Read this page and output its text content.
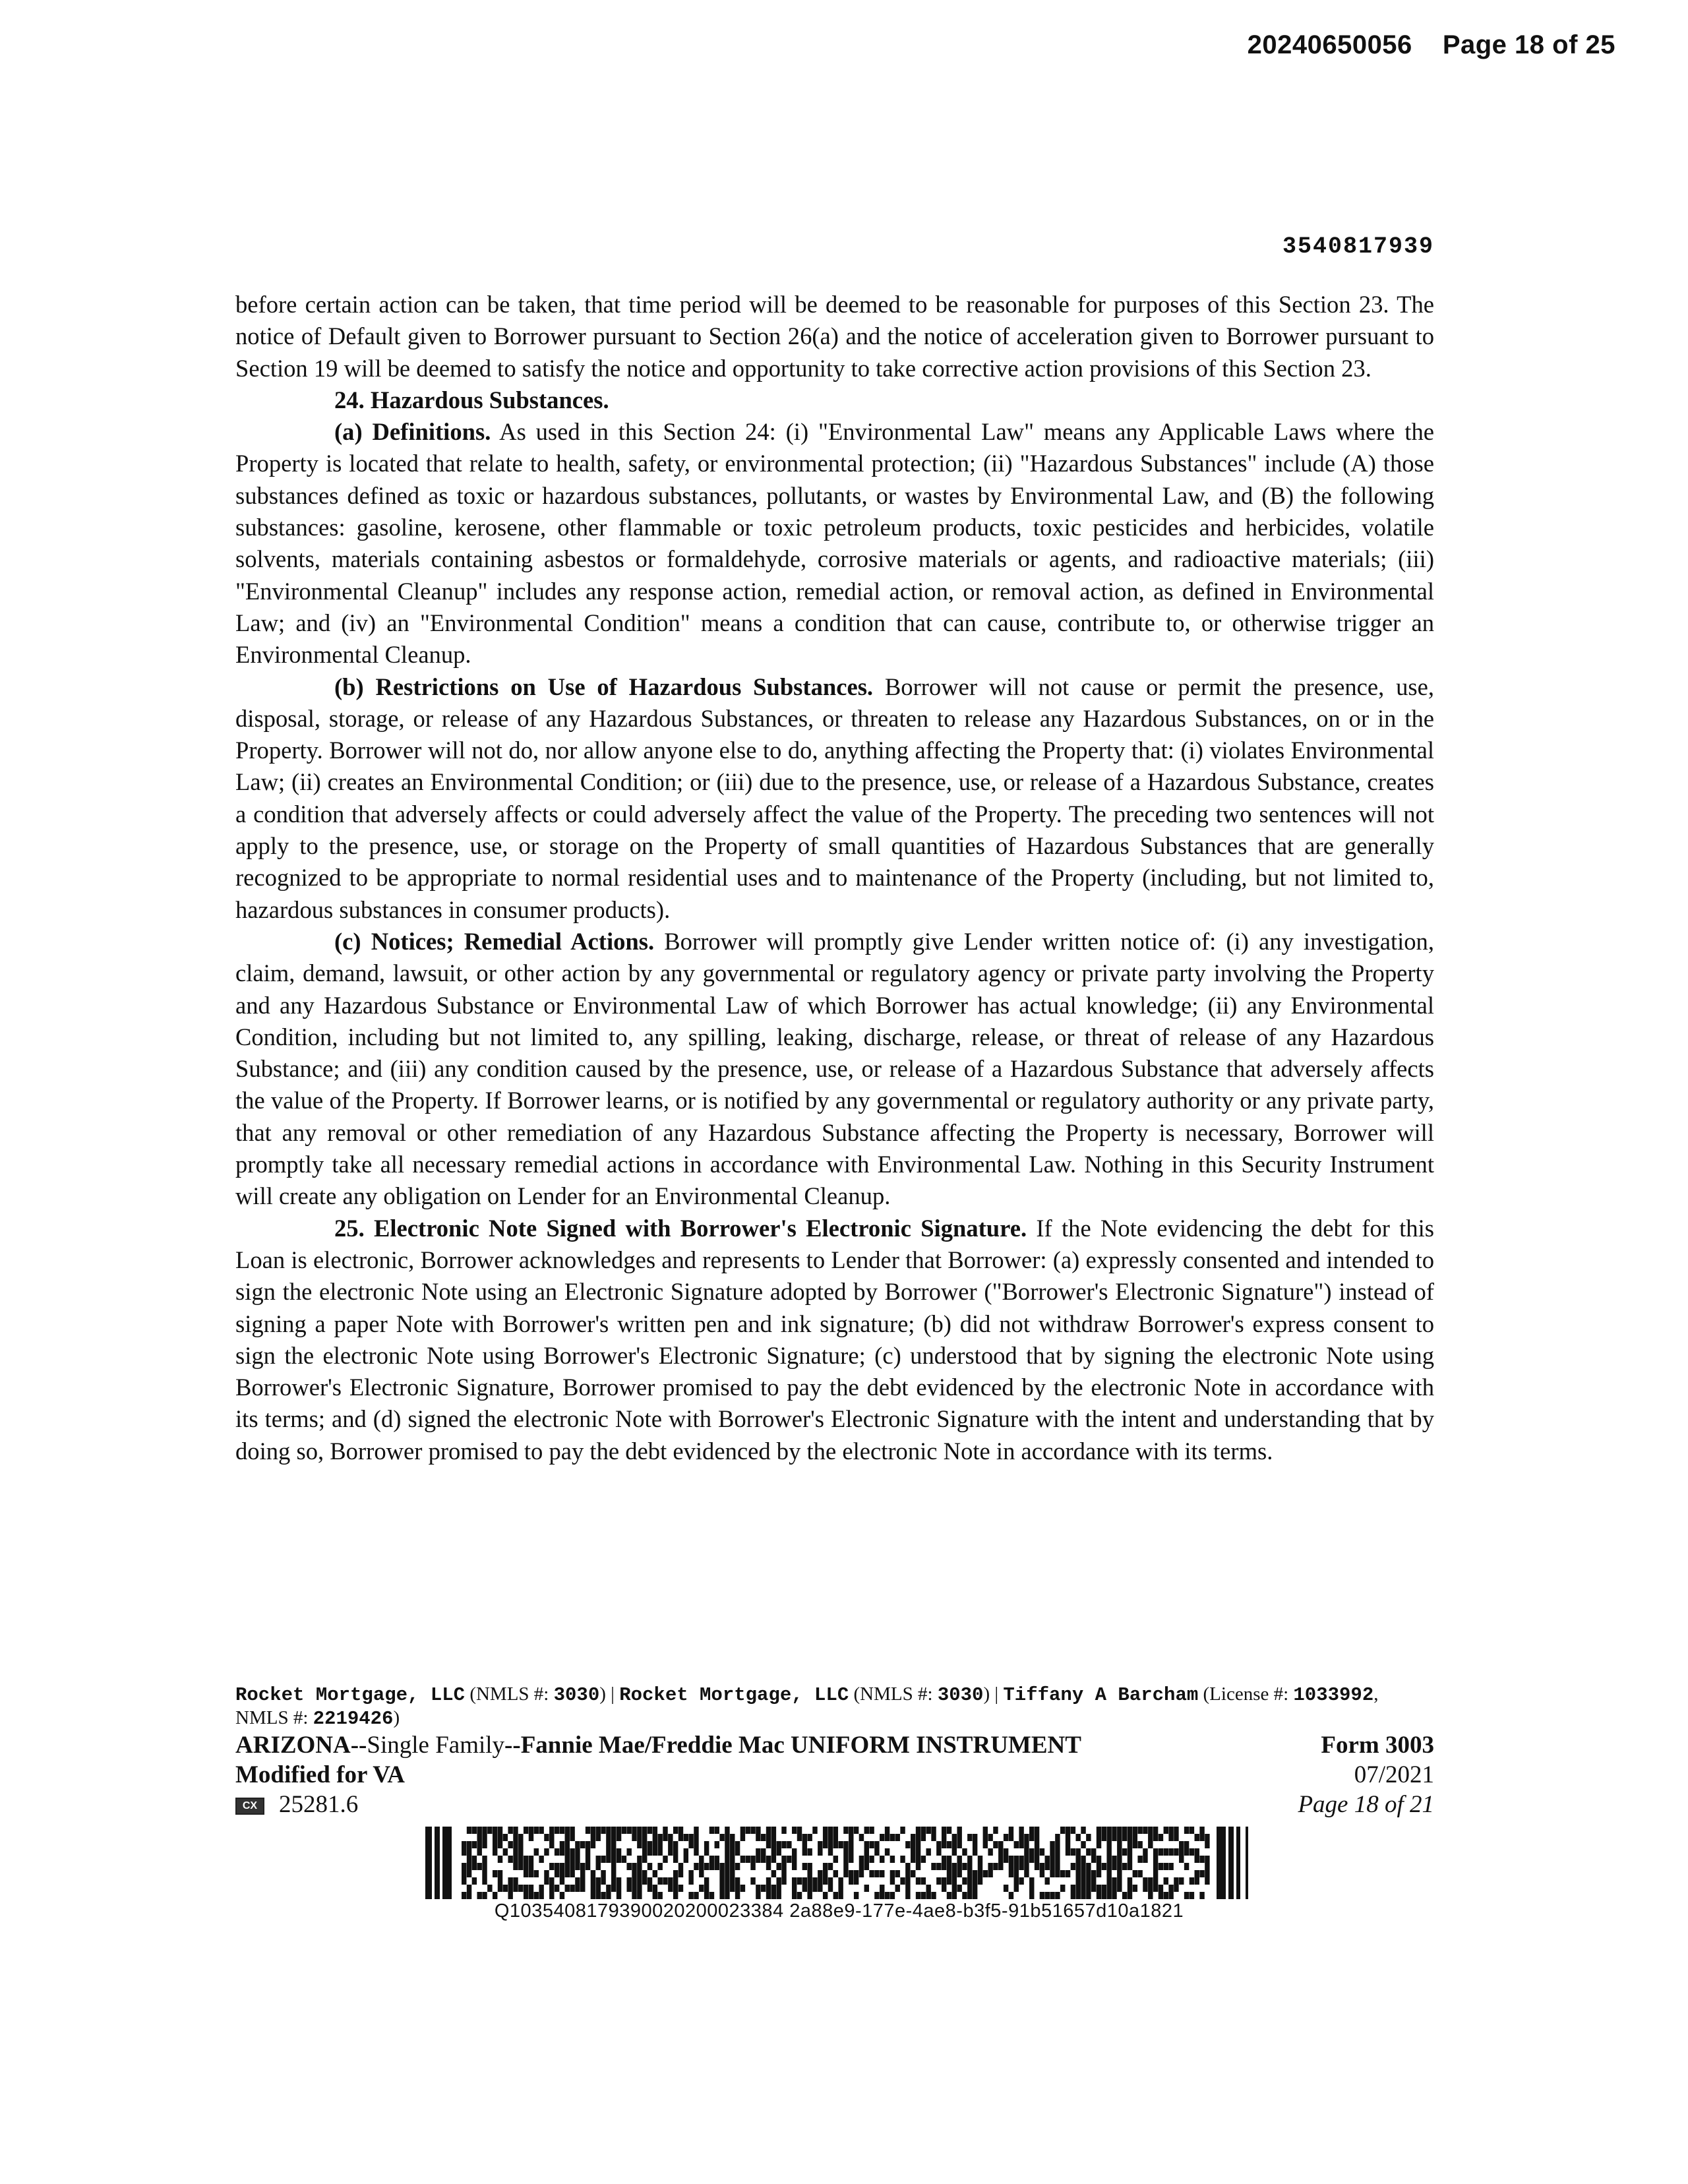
20240650056 Page 18 of 25
3540817939

before certain action can be taken, that time period will be deemed to be reasonable for purposes of this Section 23. The notice of Default given to Borrower pursuant to Section 26(a) and the notice of acceleration given to Borrower pursuant to Section 19 will be deemed to satisfy the notice and opportunity to take corrective action provisions of this Section 23.

24. Hazardous Substances.

(a) Definitions. As used in this Section 24: (i) "Environmental Law" means any Applicable Laws where the Property is located that relate to health, safety, or environmental protection; (ii) "Hazardous Substances" include (A) those substances defined as toxic or hazardous substances, pollutants, or wastes by Environmental Law, and (B) the following substances: gasoline, kerosene, other flammable or toxic petroleum products, toxic pesticides and herbicides, volatile solvents, materials containing asbestos or formaldehyde, corrosive materials or agents, and radioactive materials; (iii) "Environmental Cleanup" includes any response action, remedial action, or removal action, as defined in Environmental Law; and (iv) an "Environmental Condition" means a condition that can cause, contribute to, or otherwise trigger an Environmental Cleanup.

(b) Restrictions on Use of Hazardous Substances. Borrower will not cause or permit the presence, use, disposal, storage, or release of any Hazardous Substances, or threaten to release any Hazardous Substances, on or in the Property. Borrower will not do, nor allow anyone else to do, anything affecting the Property that: (i) violates Environmental Law; (ii) creates an Environmental Condition; or (iii) due to the presence, use, or release of a Hazardous Substance, creates a condition that adversely affects or could adversely affect the value of the Property. The preceding two sentences will not apply to the presence, use, or storage on the Property of small quantities of Hazardous Substances that are generally recognized to be appropriate to normal residential uses and to maintenance of the Property (including, but not limited to, hazardous substances in consumer products).

(c) Notices; Remedial Actions. Borrower will promptly give Lender written notice of: (i) any investigation, claim, demand, lawsuit, or other action by any governmental or regulatory agency or private party involving the Property and any Hazardous Substance or Environmental Law of which Borrower has actual knowledge; (ii) any Environmental Condition, including but not limited to, any spilling, leaking, discharge, release, or threat of release of any Hazardous Substance; and (iii) any condition caused by the presence, use, or release of a Hazardous Substance that adversely affects the value of the Property. If Borrower learns, or is notified by any governmental or regulatory authority or any private party, that any removal or other remediation of any Hazardous Substance affecting the Property is necessary, Borrower will promptly take all necessary remedial actions in accordance with Environmental Law. Nothing in this Security Instrument will create any obligation on Lender for an Environmental Cleanup.

25. Electronic Note Signed with Borrower's Electronic Signature. If the Note evidencing the debt for this Loan is electronic, Borrower acknowledges and represents to Lender that Borrower: (a) expressly consented and intended to sign the electronic Note using an Electronic Signature adopted by Borrower ("Borrower's Electronic Signature") instead of signing a paper Note with Borrower's written pen and ink signature; (b) did not withdraw Borrower's express consent to sign the electronic Note using Borrower's Electronic Signature; (c) understood that by signing the electronic Note using Borrower's Electronic Signature, Borrower promised to pay the debt evidenced by the electronic Note in accordance with its terms; and (d) signed the electronic Note with Borrower's Electronic Signature with the intent and understanding that by doing so, Borrower promised to pay the debt evidenced by the electronic Note in accordance with its terms.

Rocket Mortgage, LLC (NMLS #: 3030) | Rocket Mortgage, LLC (NMLS #: 3030) | Tiffany A Barcham (License #: 1033992, NMLS #: 2219426)
ARIZONA--Single Family--Fannie Mae/Freddie Mac UNIFORM INSTRUMENT	Form 3003
Modified for VA	07/2021
CX 25281.6	Page 18 of 21
Q1035408179390020200023384 2a88e9-177e-4ae8-b3f5-91b51657d10a1821
